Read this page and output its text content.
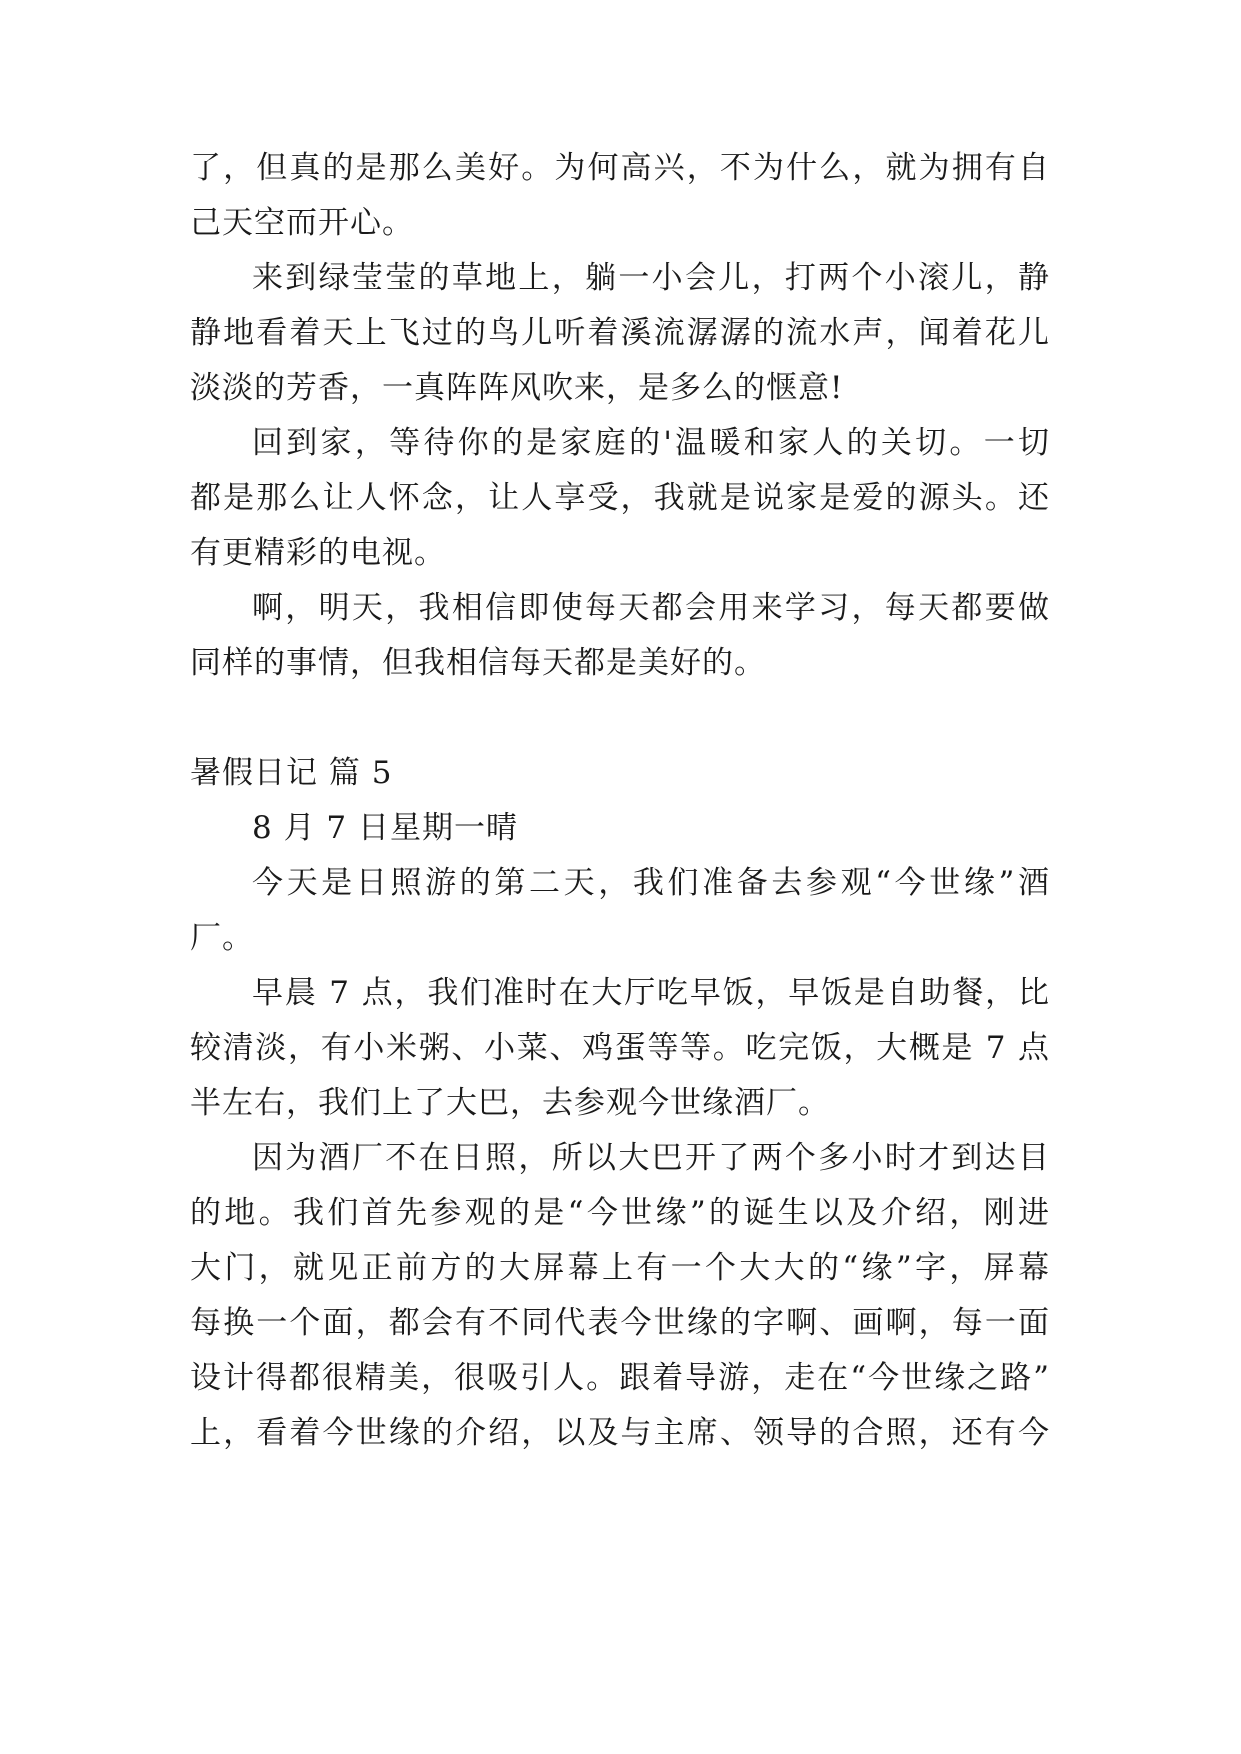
了，但真的是那么美好。为何高兴，不为什么，就为拥有自
己天空而开心。
来到绿莹莹的草地上，躺一小会儿，打两个小滚儿，静
静地看着天上飞过的鸟儿听着溪流潺潺的流水声，闻着花儿
淡淡的芳香，一真阵阵风吹来，是多么的惬意!
回到家，等待你的是家庭的'温暖和家人的关切。一切
都是那么让人怀念，让人享受，我就是说家是爱的源头。还
有更精彩的电视。
啊，明天，我相信即使每天都会用来学习，每天都要做
同样的事情，但我相信每天都是美好的。
暑假日记 篇 5
8 月 7 日星期一晴
今天是日照游的第二天，我们准备去参观“今世缘”酒
厂。
早晨 7 点，我们准时在大厅吃早饭，早饭是自助餐，比
较清淡，有小米粥、小菜、鸡蛋等等。吃完饭，大概是 7 点
半左右，我们上了大巴，去参观今世缘酒厂。
因为酒厂不在日照，所以大巴开了两个多小时才到达目
的地。我们首先参观的是“今世缘”的诞生以及介绍，刚进
大门，就见正前方的大屏幕上有一个大大的“缘”字，屏幕
每换一个面，都会有不同代表今世缘的字啊、画啊，每一面
设计得都很精美，很吸引人。跟着导游，走在“今世缘之路”
上，看着今世缘的介绍，以及与主席、领导的合照，还有今
